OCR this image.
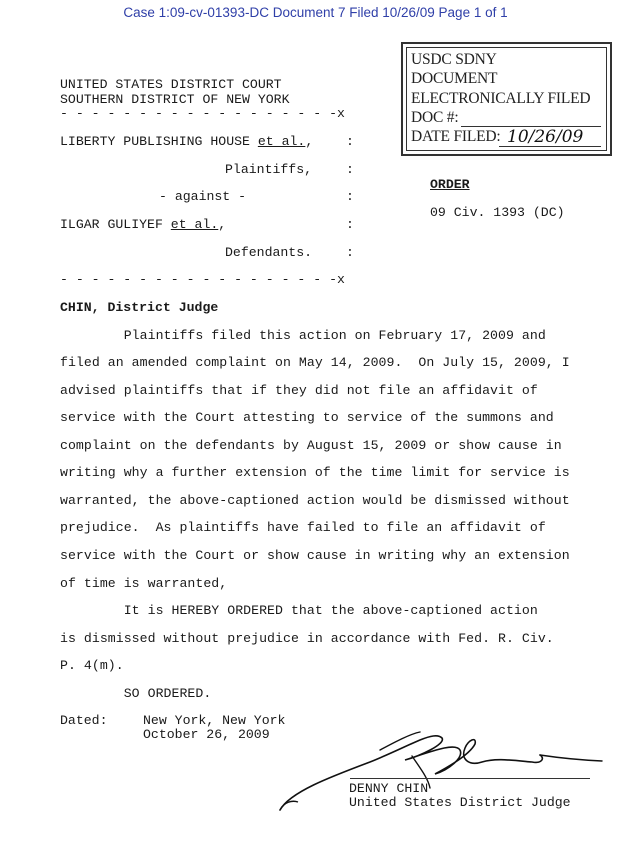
Case 1:09-cv-01393-DC Document 7 Filed 10/26/09 Page 1 of 1
USDC SDNY
DOCUMENT
ELECTRONICALLY FILED
DOC #:
DATE FILED: 10/26/09
UNITED STATES DISTRICT COURT
SOUTHERN DISTRICT OF NEW YORK
- - - - - - - - - - - - - - - - - -x
LIBERTY PUBLISHING HOUSE et al., :
Plaintiffs,	:
- against -	:
ILGAR GULIYEF et al.,	:
Defendants.	:
- - - - - - - - - - - - - - - - - -x
ORDER
09 Civ. 1393 (DC)
CHIN, District Judge
Plaintiffs filed this action on February 17, 2009 and
filed an amended complaint on May 14, 2009.  On July 15, 2009, I
advised plaintiffs that if they did not file an affidavit of
service with the Court attesting to service of the summons and
complaint on the defendants by August 15, 2009 or show cause in
writing why a further extension of the time limit for service is
warranted, the above-captioned action would be dismissed without
prejudice.  As plaintiffs have failed to file an affidavit of
service with the Court or show cause in writing why an extension
of time is warranted,
It is HEREBY ORDERED that the above-captioned action
is dismissed without prejudice in accordance with Fed. R. Civ.
P. 4(m).
SO ORDERED.
Dated:	New York, New York
October 26, 2009
DENNY CHIN
United States District Judge
